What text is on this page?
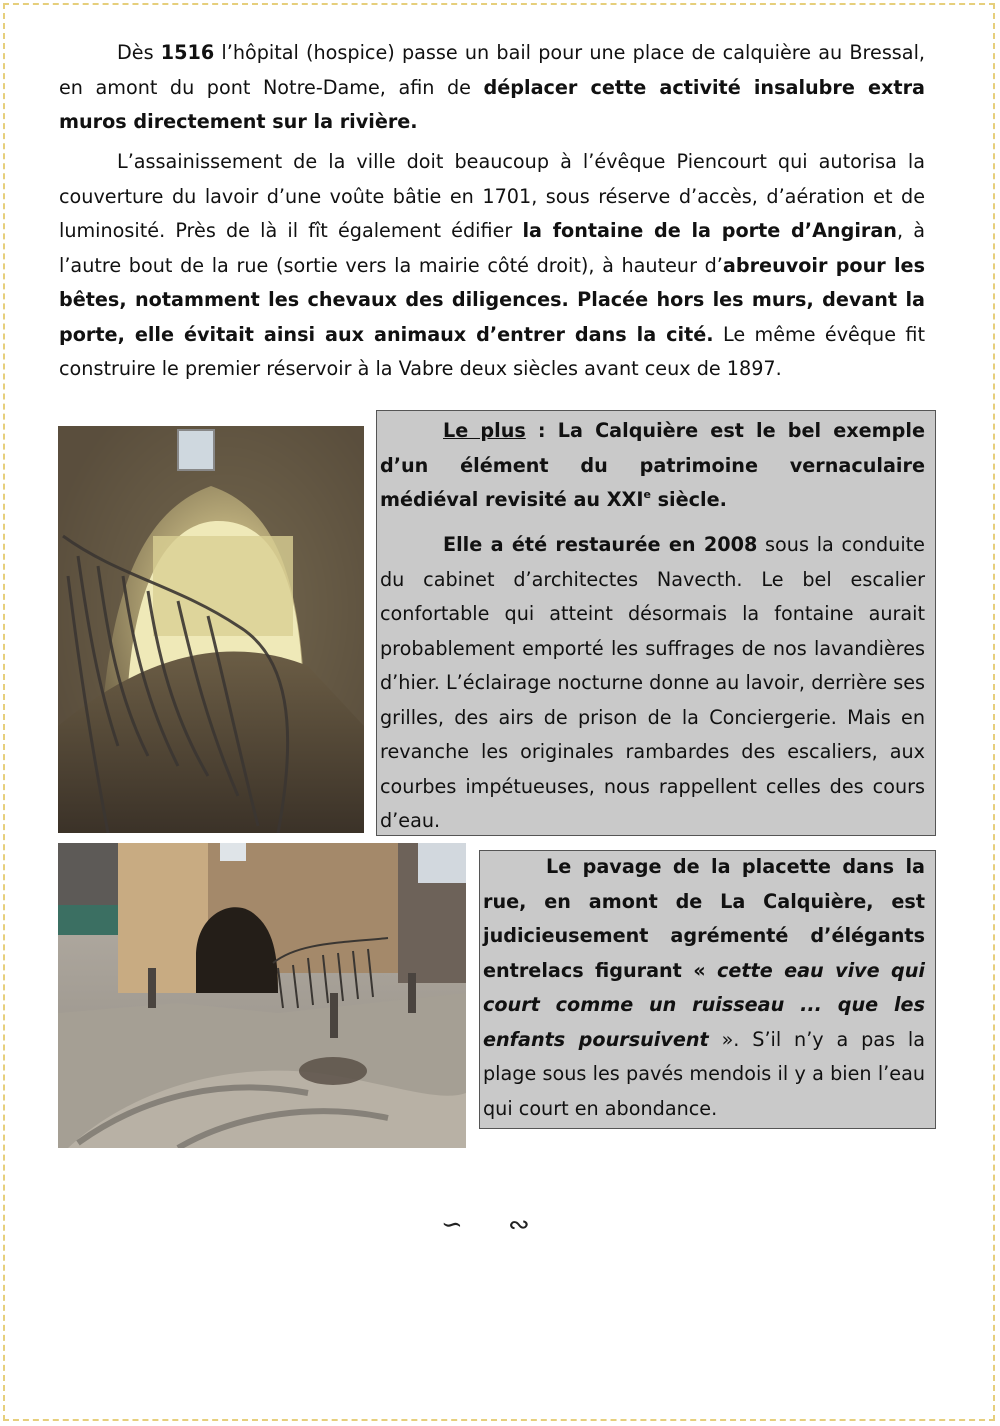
Dès 1516 l’hôpital (hospice) passe un bail pour une place de calquière au Bressal, en amont du pont Notre-Dame, afin de déplacer cette activité insalubre extra muros directement sur la rivière.

L’assainissement de la ville doit beaucoup à l’évêque Piencourt qui autorisa la couverture du lavoir d’une voûte bâtie en 1701, sous réserve d’accès, d’aération et de luminosité. Près de là il fît également édifier la fontaine de la porte d’Angiran, à l’autre bout de la rue (sortie vers la mairie côté droit), à hauteur d’abreuvoir pour les bêtes, notamment les chevaux des diligences. Placée hors les murs, devant la porte, elle évitait ainsi aux animaux d’entrer dans la cité. Le même évêque fit construire le premier réservoir à la Vabre deux siècles avant ceux de 1897.

Le plus : La Calquière est le bel exemple d’un élément du patrimoine vernaculaire médiéval revisité au XXIe siècle.

Elle a été restaurée en 2008 sous la conduite du cabinet d’architectes Navecth. Le bel escalier confortable qui atteint désormais la fontaine aurait probablement emporté les suffrages de nos lavandières d’hier. L’éclairage nocturne donne au lavoir, derrière ses grilles, des airs de prison de la Conciergerie. Mais en revanche les originales rambardes des escaliers, aux courbes impétueuses, nous rappellent celles des cours d’eau.

Le pavage de la placette dans la rue, en amont de La Calquière, est judicieusement agrémenté d’élégants entrelacs figurant « cette eau vive qui court comme un ruisseau ... que les enfants poursuivent ». S’il n’y a pas la plage sous les pavés mendois il y a bien l’eau qui court en abondance.

∽ ∾
